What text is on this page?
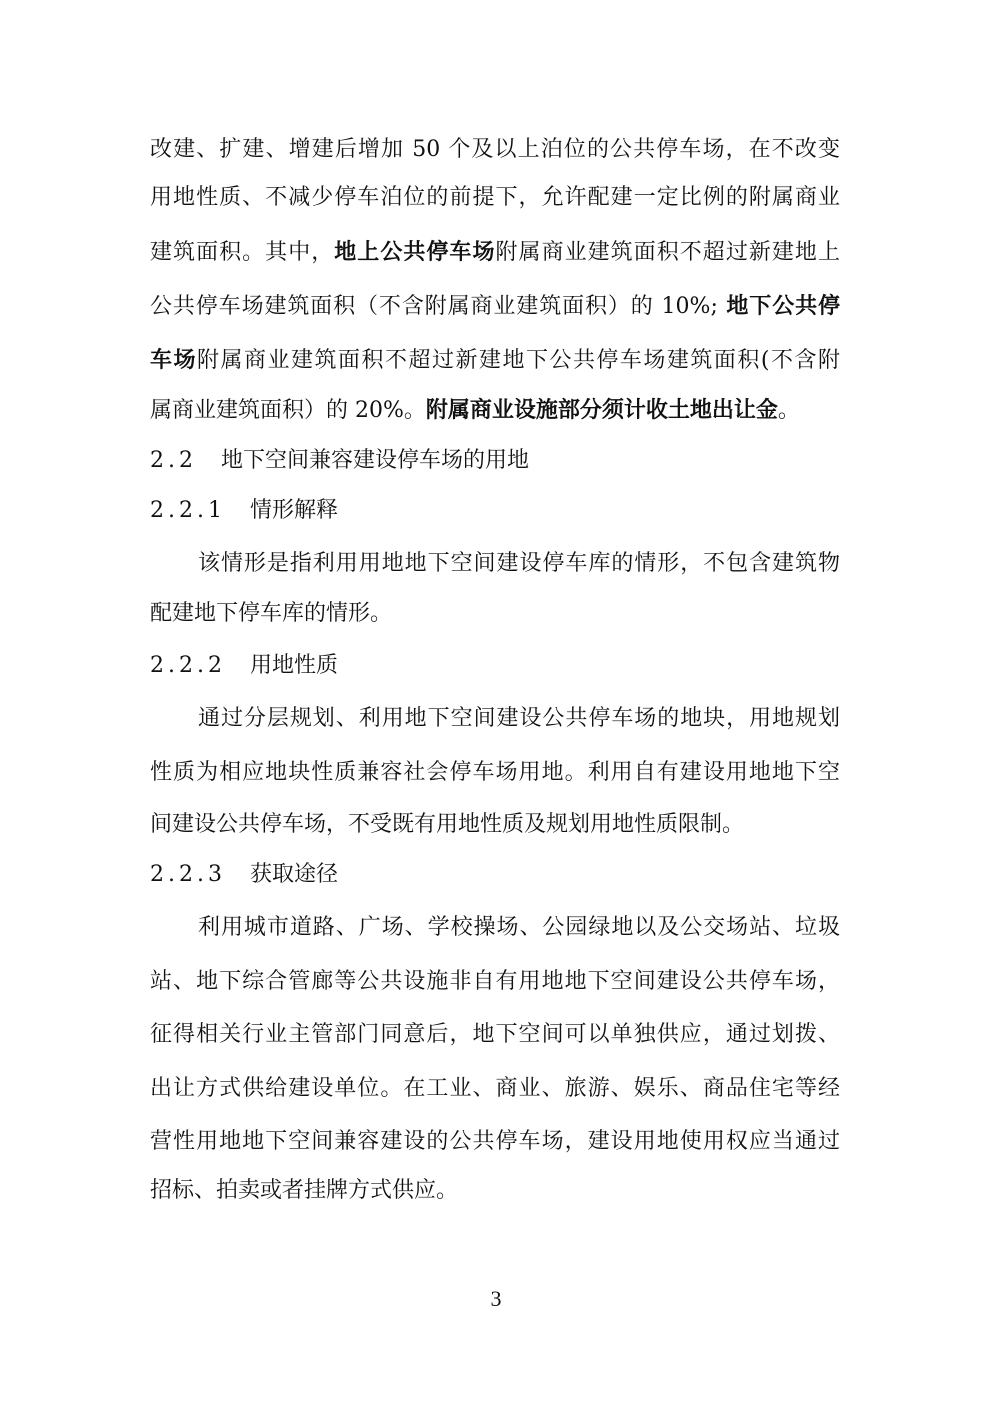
改建、扩建、增建后增加 50 个及以上泊位的公共停车场，在不改变
用地性质、不减少停车泊位的前提下，允许配建一定比例的附属商业
建筑面积。其中，地上公共停车场附属商业建筑面积不超过新建地上
公共停车场建筑面积（不含附属商业建筑面积）的 10%; 地下公共停
车场附属商业建筑面积不超过新建地下公共停车场建筑面积(不含附
属商业建筑面积）的 20%。附属商业设施部分须计收土地出让金。
2.2 地下空间兼容建设停车场的用地
2.2.1 情形解释
该情形是指利用用地地下空间建设停车库的情形，不包含建筑物
配建地下停车库的情形。
2.2.2 用地性质
通过分层规划、利用地下空间建设公共停车场的地块，用地规划
性质为相应地块性质兼容社会停车场用地。利用自有建设用地地下空
间建设公共停车场，不受既有用地性质及规划用地性质限制。
2.2.3 获取途径
利用城市道路、广场、学校操场、公园绿地以及公交场站、垃圾
站、地下综合管廊等公共设施非自有用地地下空间建设公共停车场，
征得相关行业主管部门同意后，地下空间可以单独供应，通过划拨、
出让方式供给建设单位。在工业、商业、旅游、娱乐、商品住宅等经
营性用地地下空间兼容建设的公共停车场，建设用地使用权应当通过
招标、拍卖或者挂牌方式供应。
3
